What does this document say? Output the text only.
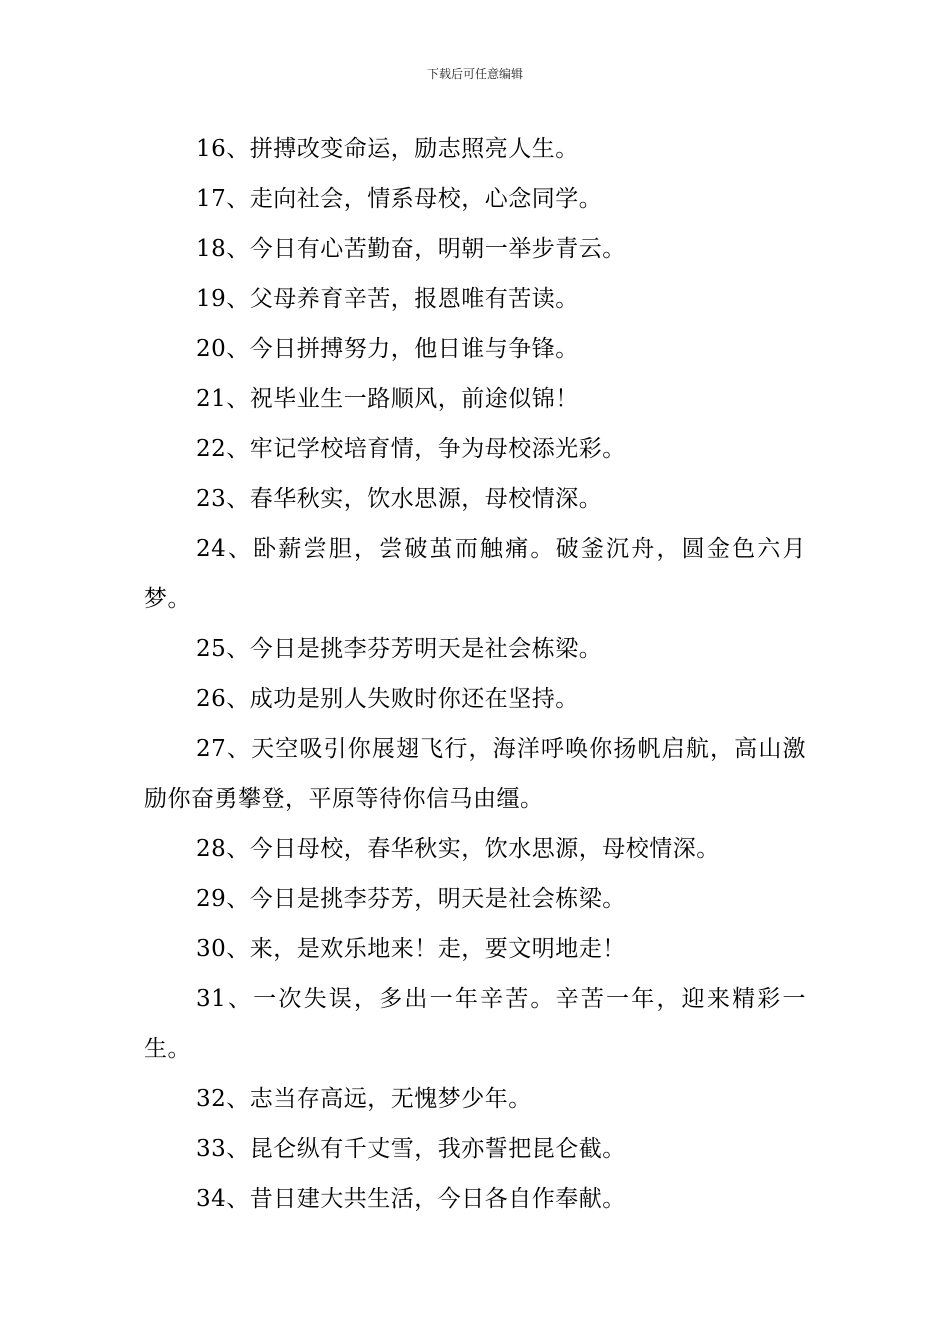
下载后可任意编辑

16、拼搏改变命运，励志照亮人生。

17、走向社会，情系母校，心念同学。

18、今日有心苦勤奋，明朝一举步青云。

19、父母养育辛苦，报恩唯有苦读。

20、今日拼搏努力，他日谁与争锋。

21、祝毕业生一路顺风，前途似锦！

22、牢记学校培育情，争为母校添光彩。

23、春华秋实，饮水思源，母校情深。

24、卧薪尝胆，尝破茧而触痛。破釜沉舟，圆金色六月梦。

25、今日是挑李芬芳明天是社会栋梁。

26、成功是别人失败时你还在坚持。

27、天空吸引你展翅飞行，海洋呼唤你扬帆启航，高山激励你奋勇攀登，平原等待你信马由缰。

28、今日母校，春华秋实，饮水思源，母校情深。

29、今日是挑李芬芳，明天是社会栋梁。

30、来，是欢乐地来！走，要文明地走！

31、一次失误，多出一年辛苦。辛苦一年，迎来精彩一生。

32、志当存高远，无愧梦少年。

33、昆仑纵有千丈雪，我亦誓把昆仑截。

34、昔日建大共生活，今日各自作奉献。
